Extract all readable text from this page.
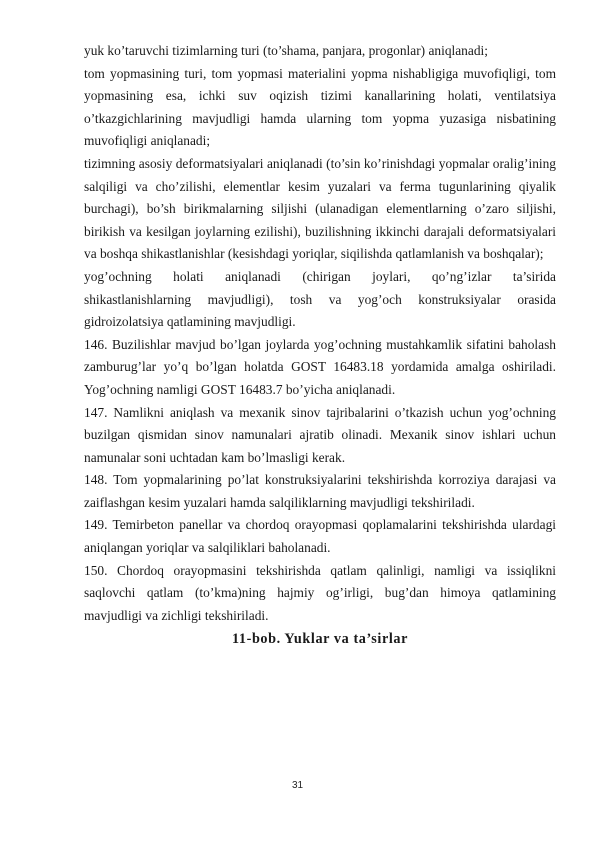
yuk ko’taruvchi tizimlarning turi (to’shama, panjara, progonlar) aniqlanadi;

tom yopmasining turi, tom yopmasi materialini yopma nishabligiga muvofiqligi, tom yopmasining esa, ichki suv oqizish tizimi kanallarining holati, ventilatsiya o’tkazgichlarining mavjudligi hamda ularning tom yopma yuzasiga nisbatining muvofiqligi aniqlanadi;

tizimning asosiy deformatsiyalari aniqlanadi (to’sin ko’rinishdagi yopmalar oralig’ining salqiligi va cho’zilishi, elementlar kesim yuzalari va ferma tugunlarining qiyalik burchagi), bo’sh birikmalarning siljishi (ulanadigan elementlarning o’zaro siljishi, birikish va kesilgan joylarning ezilishi), buzilishning ikkinchi darajali deformatsiyalari va boshqa shikastlanishlar (kesishdagi yoriqlar, siqilishda qatlamlanish va boshqalar);

yog’ochning holati aniqlanadi (chirigan joylari, qo’ng’izlar ta’sirida shikastlanishlarning mavjudligi), tosh va yog’och konstruksiyalar orasida gidroizolatsiya qatlamining mavjudligi.

146. Buzilishlar mavjud bo’lgan joylarda yog’ochning mustahkamlik sifatini baholash zamburug’lar yo’q bo’lgan holatda GOST 16483.18 yordamida amalga oshiriladi. Yog’ochning namligi GOST 16483.7 bo’yicha aniqlanadi.

147. Namlikni aniqlash va mexanik sinov tajribalarini o’tkazish uchun yog’ochning buzilgan qismidan sinov namunalari ajratib olinadi. Mexanik sinov ishlari uchun namunalar soni uchtadan kam bo’lmasligi kerak.

148. Tom yopmalarining po’lat konstruksiyalarini tekshirishda korroziya darajasi va zaiflashgan kesim yuzalari hamda salqiliklarning mavjudligi tekshiriladi.

149. Temirbeton panellar va chordoq orayopmasi qoplamalarini tekshirishda ulardagi aniqlangan yoriqlar va salqiliklari baholanadi.

150. Chordoq orayopmasini tekshirishda qatlam qalinligi, namligi va issiqlikni saqlovchi qatlam (to’kma)ning hajmiy og’irligi, bug’dan himoya qatlamining mavjudligi va zichligi tekshiriladi.

11-bob. Yuklar va ta’sirlar
31
